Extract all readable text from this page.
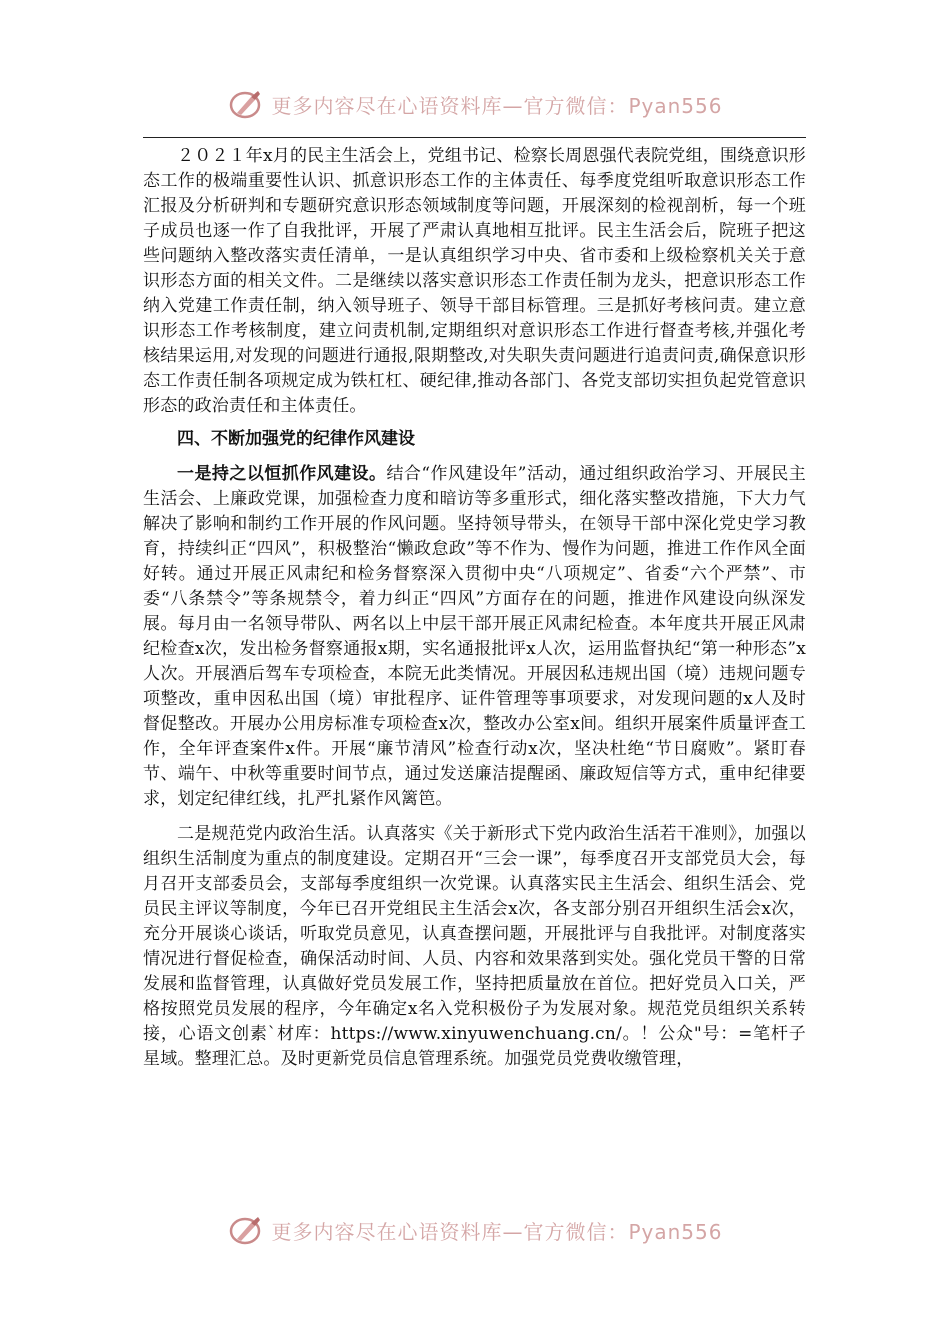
更多内容尽在心语资料库—官方微信：Pyan556

２０２１年x月的民主生活会上，党组书记、检察长周恩强代表院党组，围绕意识形态工作的极端重要性认识、抓意识形态工作的主体责任、每季度党组听取意识形态工作汇报及分析研判和专题研究意识形态领域制度等问题，开展深刻的检视剖析，每一个班子成员也逐一作了自我批评，开展了严肃认真地相互批评。民主生活会后，院班子把这些问题纳入整改落实责任清单，一是认真组织学习中央、省市委和上级检察机关关于意识形态方面的相关文件。二是继续以落实意识形态工作责任制为龙头，把意识形态工作纳入党建工作责任制，纳入领导班子、领导干部目标管理。三是抓好考核问责。建立意识形态工作考核制度，建立问责机制,定期组织对意识形态工作进行督查考核,并强化考核结果运用,对发现的问题进行通报,限期整改,对失职失责问题进行追责问责,确保意识形态工作责任制各项规定成为铁杠杠、硬纪律,推动各部门、各党支部切实担负起党管意识形态的政治责任和主体责任。

四、不断加强党的纪律作风建设

一是持之以恒抓作风建设。结合“作风建设年”活动，通过组织政治学习、开展民主生活会、上廉政党课，加强检查力度和暗访等多重形式，细化落实整改措施，下大力气解决了影响和制约工作开展的作风问题。坚持领导带头，在领导干部中深化党史学习教育，持续纠正“四风”，积极整治“懒政怠政”等不作为、慢作为问题，推进工作作风全面好转。通过开展正风肃纪和检务督察深入贯彻中央“八项规定”、省委“六个严禁”、市委“八条禁令”等条规禁令，着力纠正“四风”方面存在的问题，推进作风建设向纵深发展。每月由一名领导带队、两名以上中层干部开展正风肃纪检查。本年度共开展正风肃纪检查x次，发出检务督察通报x期，实名通报批评x人次，运用监督执纪“第一种形态”x人次。开展酒后驾车专项检查，本院无此类情况。开展因私违规出国（境）违规问题专项整改，重申因私出国（境）审批程序、证件管理等事项要求，对发现问题的x人及时督促整改。开展办公用房标准专项检查x次，整改办公室x间。组织开展案件质量评查工作，全年评查案件x件。开展“廉节清风”检查行动x次，坚决杜绝“节日腐败”。紧盯春节、端午、中秋等重要时间节点，通过发送廉洁提醒函、廉政短信等方式，重申纪律要求，划定纪律红线，扎严扎紧作风篱笆。

二是规范党内政治生活。认真落实《关于新形式下党内政治生活若干准则》，加强以组织生活制度为重点的制度建设。定期召开“三会一课”，每季度召开支部党员大会，每月召开支部委员会，支部每季度组织一次党课。认真落实民主生活会、组织生活会、党员民主评议等制度，今年已召开党组民主生活会x次，各支部分别召开组织生活会x次，充分开展谈心谈话，听取党员意见，认真查摆问题，开展批评与自我批评。对制度落实情况进行督促检查，确保活动时间、人员、内容和效果落到实处。强化党员干警的日常发展和监督管理，认真做好党员发展工作，坚持把质量放在首位。把好党员入口关，严格按照党员发展的程序，今年确定x名入党积极份子为发展对象。规范党员组织关系转接，心语文创素`材库：https://www.xinyuwenchuang.cn/。！公众"号：=笔杆子星域。整理汇总。及时更新党员信息管理系统。加强党员党费收缴管理，

更多内容尽在心语资料库—官方微信：Pyan556
